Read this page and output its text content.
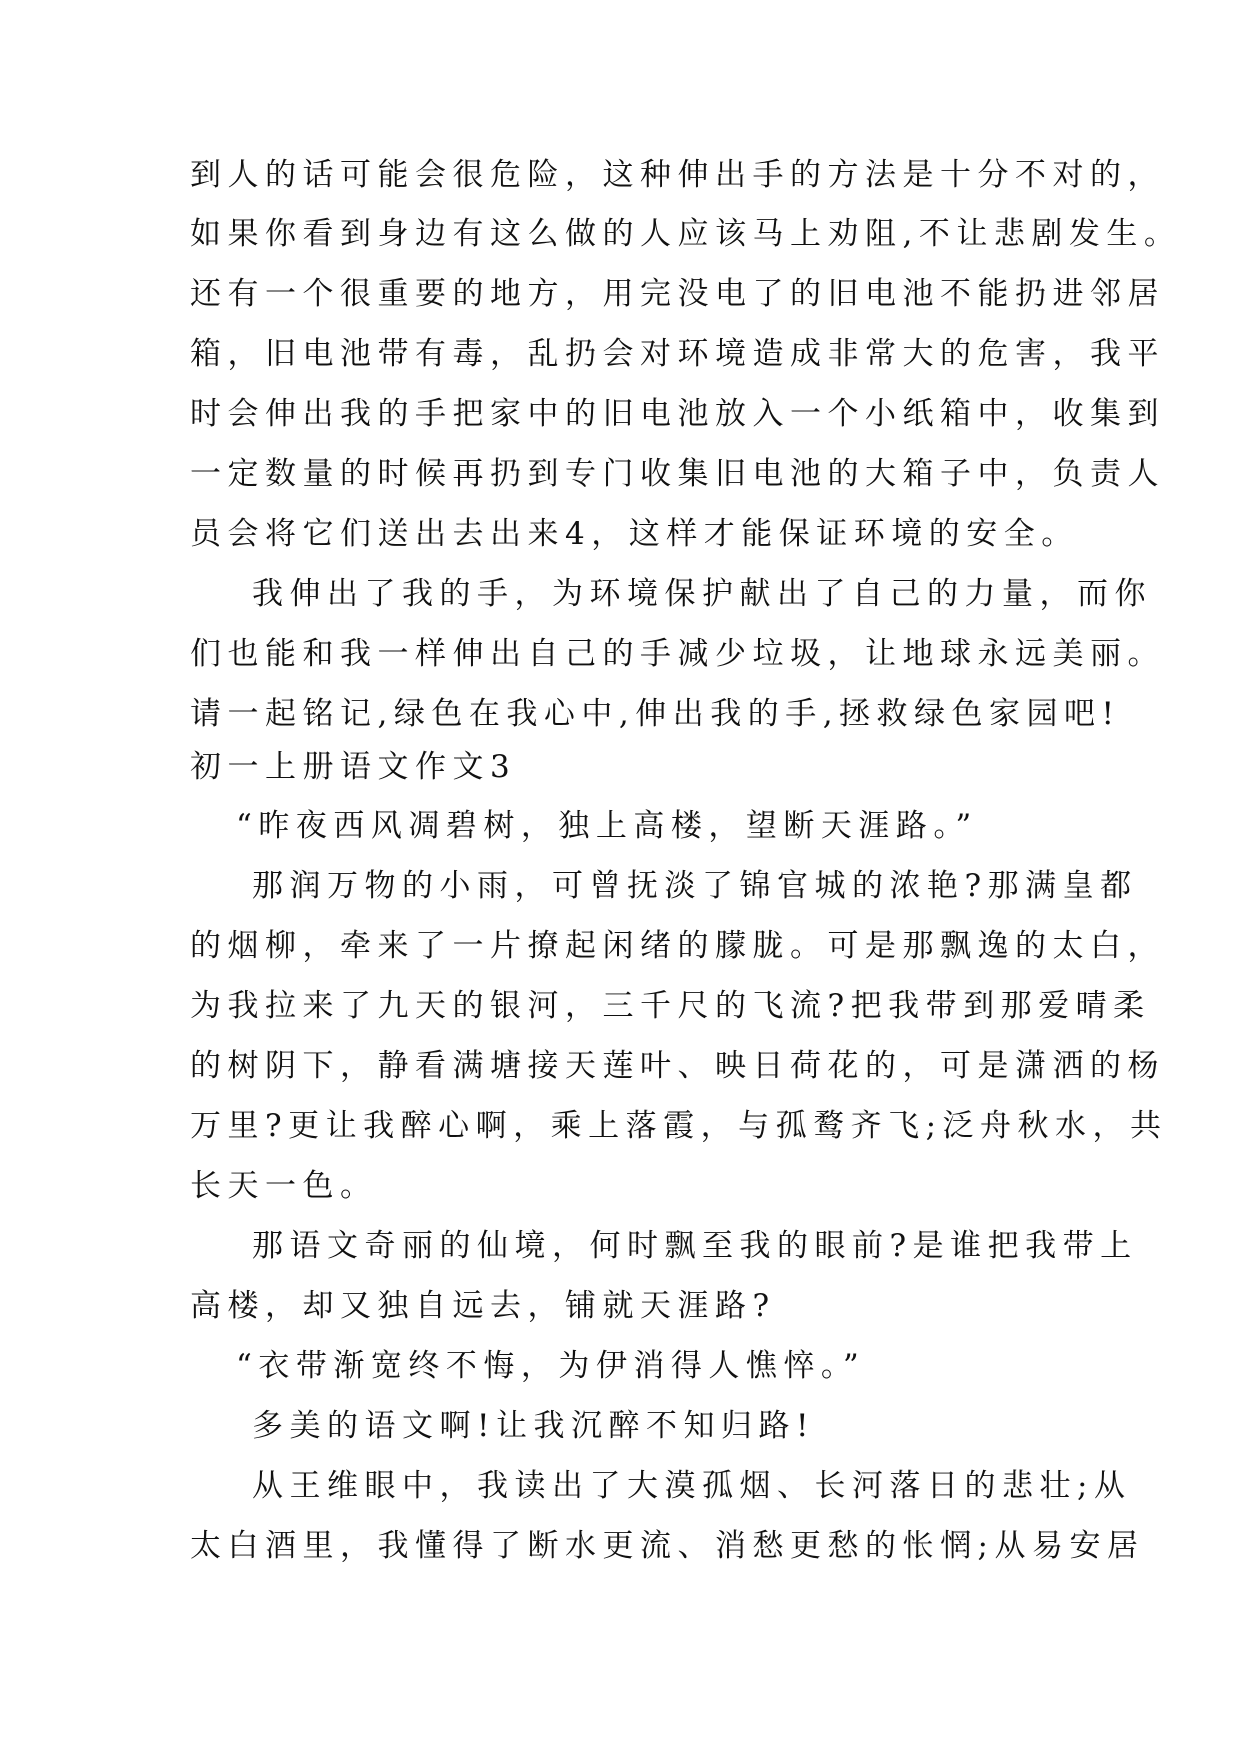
到人的话可能会很危险，这种伸出手的方法是十分不对的，
如果你看到身边有这么做的人应该马上劝阻,不让悲剧发生。
还有一个很重要的地方，用完没电了的旧电池不能扔进邻居
箱，旧电池带有毒，乱扔会对环境造成非常大的危害，我平
时会伸出我的手把家中的旧电池放入一个小纸箱中，收集到
一定数量的时候再扔到专门收集旧电池的大箱子中，负责人
员会将它们送出去出来4，这样才能保证环境的安全。
我伸出了我的手，为环境保护献出了自己的力量，而你
们也能和我一样伸出自己的手减少垃圾，让地球永远美丽。
请一起铭记,绿色在我心中,伸出我的手,拯救绿色家园吧!
初一上册语文作文3
“昨夜西风凋碧树，独上高楼，望断天涯路。”
那润万物的小雨，可曾抚淡了锦官城的浓艳?那满皇都
的烟柳，牵来了一片撩起闲绪的朦胧。可是那飘逸的太白，
为我拉来了九天的银河，三千尺的飞流?把我带到那爱晴柔
的树阴下，静看满塘接天莲叶、映日荷花的，可是潇洒的杨
万里?更让我醉心啊，乘上落霞，与孤鹜齐飞;泛舟秋水，共
长天一色。
那语文奇丽的仙境，何时飘至我的眼前?是谁把我带上
高楼，却又独自远去，铺就天涯路?
“衣带渐宽终不悔，为伊消得人憔悴。”
多美的语文啊!让我沉醉不知归路!
从王维眼中，我读出了大漠孤烟、长河落日的悲壮;从
太白酒里，我懂得了断水更流、消愁更愁的怅惘;从易安居
